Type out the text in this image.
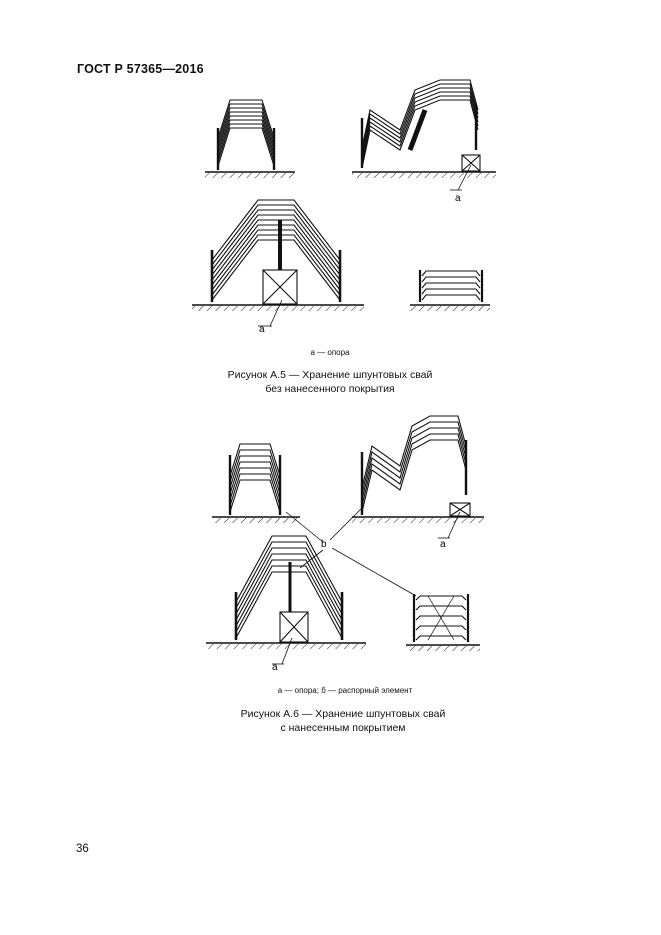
ГОСТ Р 57365—2016
a
a
a
a
b
а — опора
Рисунок А.5 — Хранение шпунтовых свай
без нанесенного покрытия
а — опора; б — распорный элемент
Рисунок А.6 — Хранение шпунтовых свай
с нанесенным покрытием
36
